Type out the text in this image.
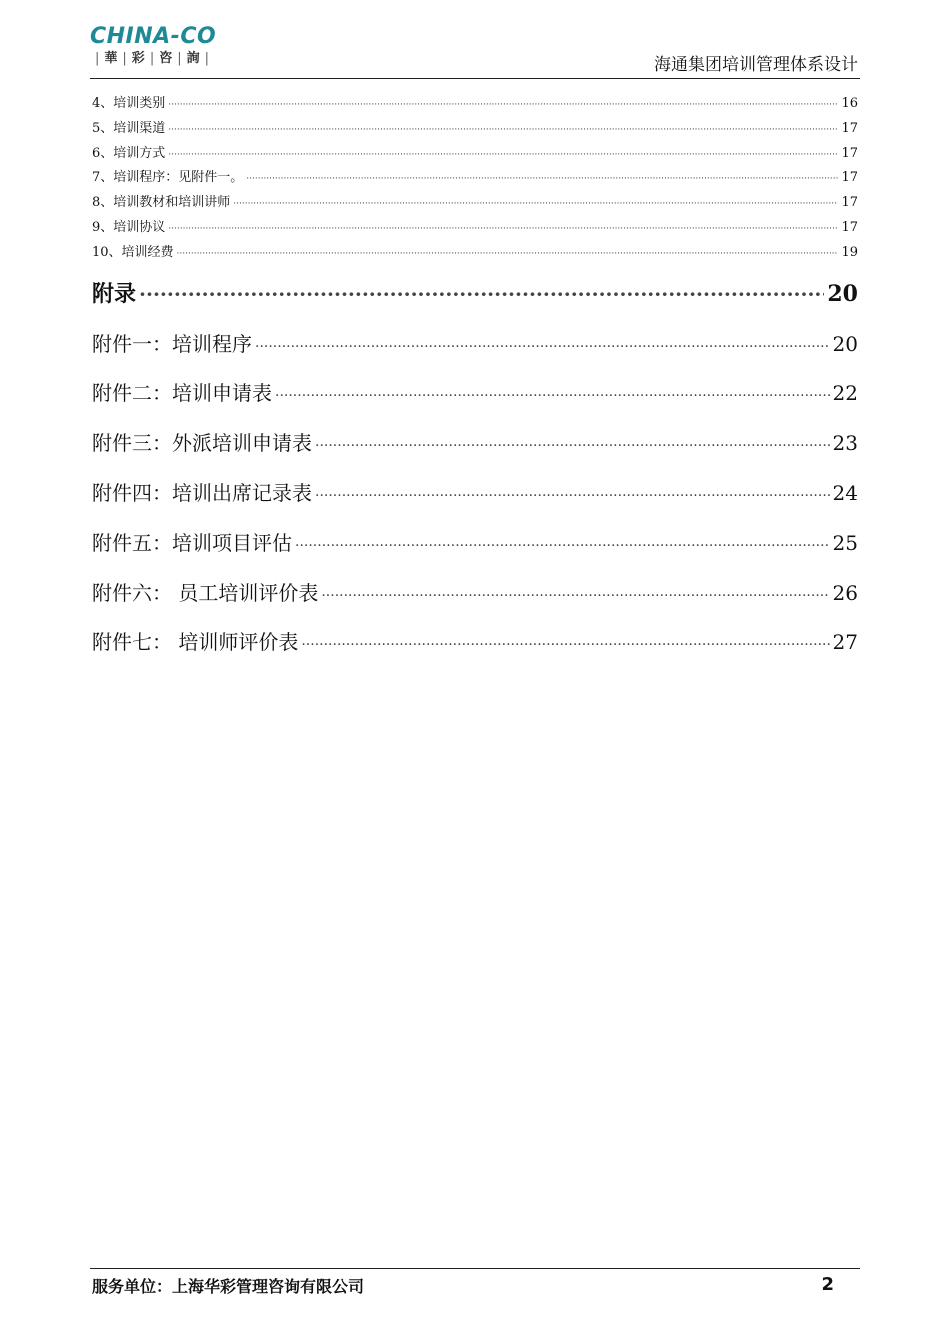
CHINA-CO
| 華 | 彩 | 咨 | 詢 |	海通集团培训管理体系设计
4、培训类别 ·····	16
5、培训渠道 ·····	17
6、培训方式 ·····	17
7、培训程序：见附件一。 ·····	17
8、培训教材和培训讲师 ·····	17
9、培训协议 ·····	17
10、培训经费 ·····	19
附录 ·····	20
附件一：培训程序 ·····	20
附件二：培训申请表 ·····	22
附件三：外派培训申请表 ·····	23
附件四：培训出席记录表 ·····	24
附件五：培训项目评估 ·····	25
附件六： 员工培训评价表 ·····	26
附件七： 培训师评价表 ·····	27
服务单位：上海华彩管理咨询有限公司	2
